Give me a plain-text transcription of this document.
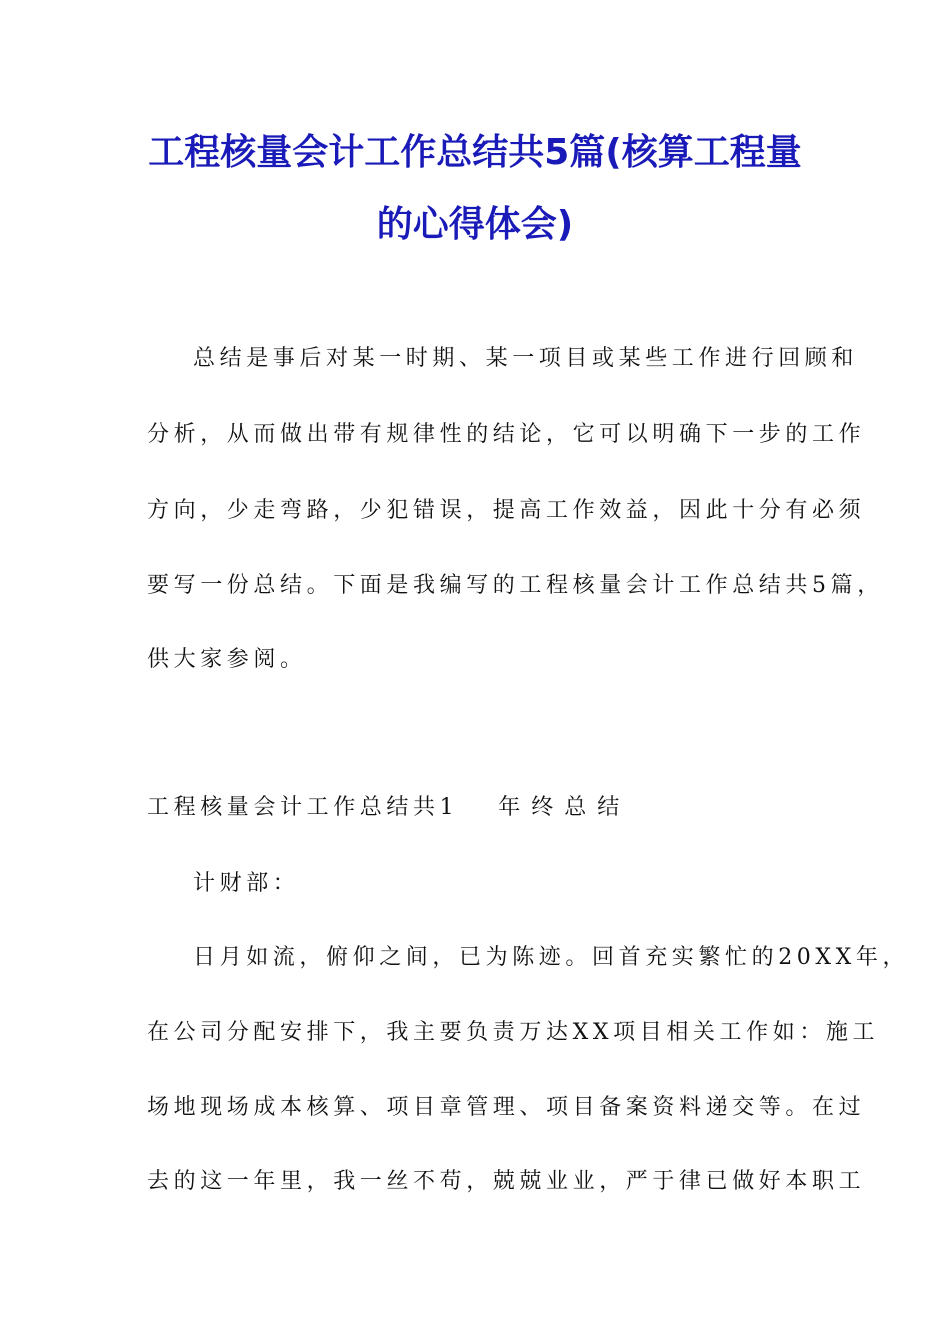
工程核量会计工作总结共5篇(核算工程量
的心得体会)
总结是事后对某一时期、某一项目或某些工作进行回顾和
分析，从而做出带有规律性的结论，它可以明确下一步的工作
方向，少走弯路，少犯错误，提高工作效益，因此十分有必须
要写一份总结。下面是我编写的工程核量会计工作总结共5篇，
供大家参阅。
工程核量会计工作总结共1 年终总结
计财部：
日月如流，俯仰之间，已为陈迹。回首充实繁忙的20XX年，
在公司分配安排下，我主要负责万达XX项目相关工作如：施工
场地现场成本核算、项目章管理、项目备案资料递交等。在过
去的这一年里，我一丝不苟，兢兢业业，严于律已做好本职工
